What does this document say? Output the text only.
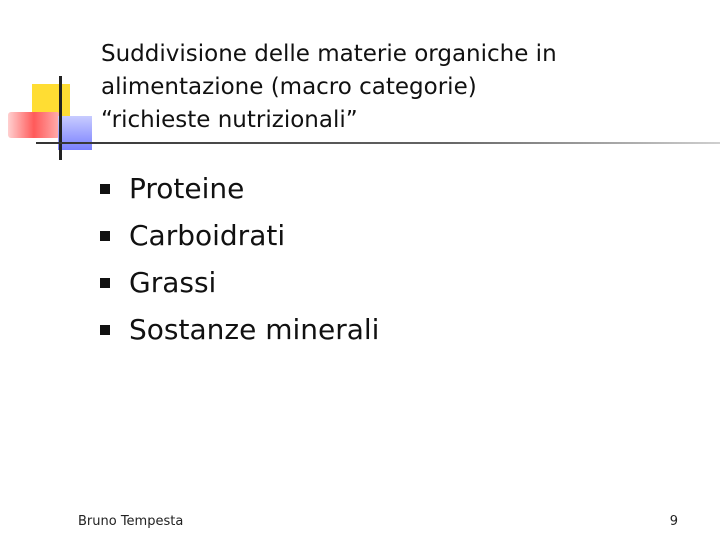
Suddivisione delle materie organiche in
alimentazione (macro categorie)
“richieste nutrizionali”
Proteine
Carboidrati
Grassi
Sostanze minerali
Bruno Tempesta	9
